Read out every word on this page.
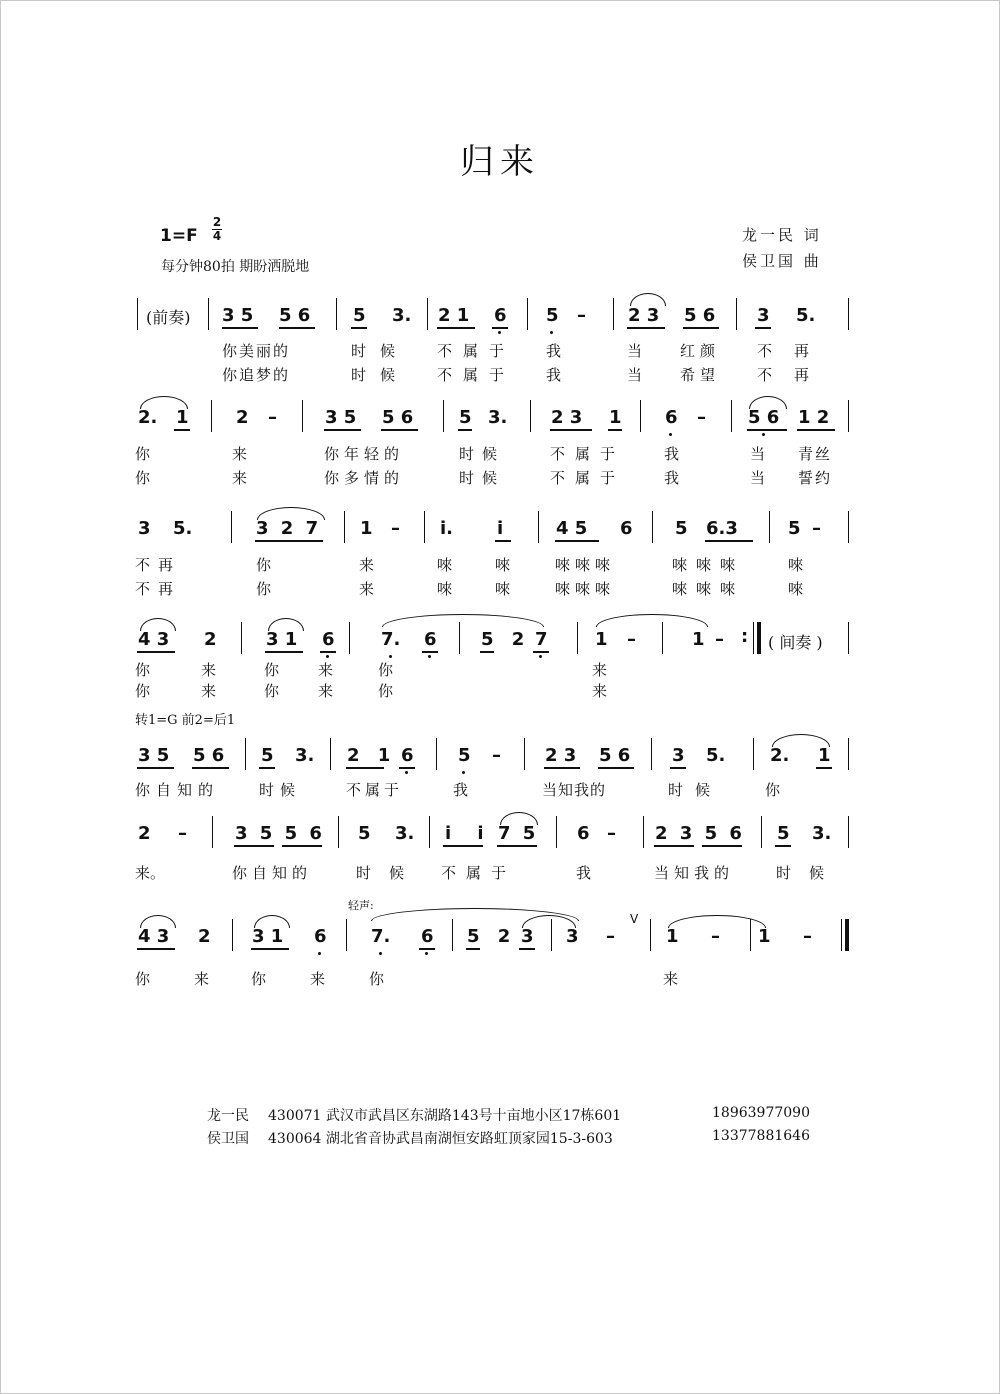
归来
1=F
2
4
每分钟80拍 期盼洒脱地
龙一民 词
侯卫国 曲
(前奏) 3 5 5 6 5 3. 2 1 6 5 – 2 3 5 6 3 5.
你美丽的	时候 不属于 我	当	红颜 不再
你追梦的	时候 不属于 我	当	希望 不再
2. 1	2 –	3 5 5 6	5 3. 2 3 1 6 – 5 6 1 2
你	来	你年轻的	时候	不属于	我	当 青丝
你	来	你多情的	时候	不属于	我	当 誓约
3 5.	3 2 7 1 – i. i	4 5 6 5 6.3	5 –
不再	你	来	唻	唻	唻唻唻	唻唻唻	唻
不再	你	来	唻	唻	唻唻唻	唻唻唻	唻
4 3 2	3 1 6	7. 6 5 2 7	1 –	1 – : ( 间奏 )
你	来	你	来	你	来
你	来	你	来	你	来
转1=G 前2=后1
3 5 5 6 5 3. 2 1 6 5 – 2 3 5 6 3 5. 2. 1
你自知的	时候	不属于	我	当知我的	时候	你
2 –	3 5 5 6 5 3. i i 7 5 6 – 2 3 5 6 5 3.
来。	你自知的	时候 不属于	我	当知我的	时候
轻声:
4 3 2 3 1 6 7. 6 5 2 3 3 –
V
1 – 1 –
你	来	你	来	你	来
龙一民 430071 武汉市武昌区东湖路143号十亩地小区17栋601	18963977090
侯卫国 430064 湖北省音协武昌南湖恒安路虹顶家园15-3-603	13377881646
